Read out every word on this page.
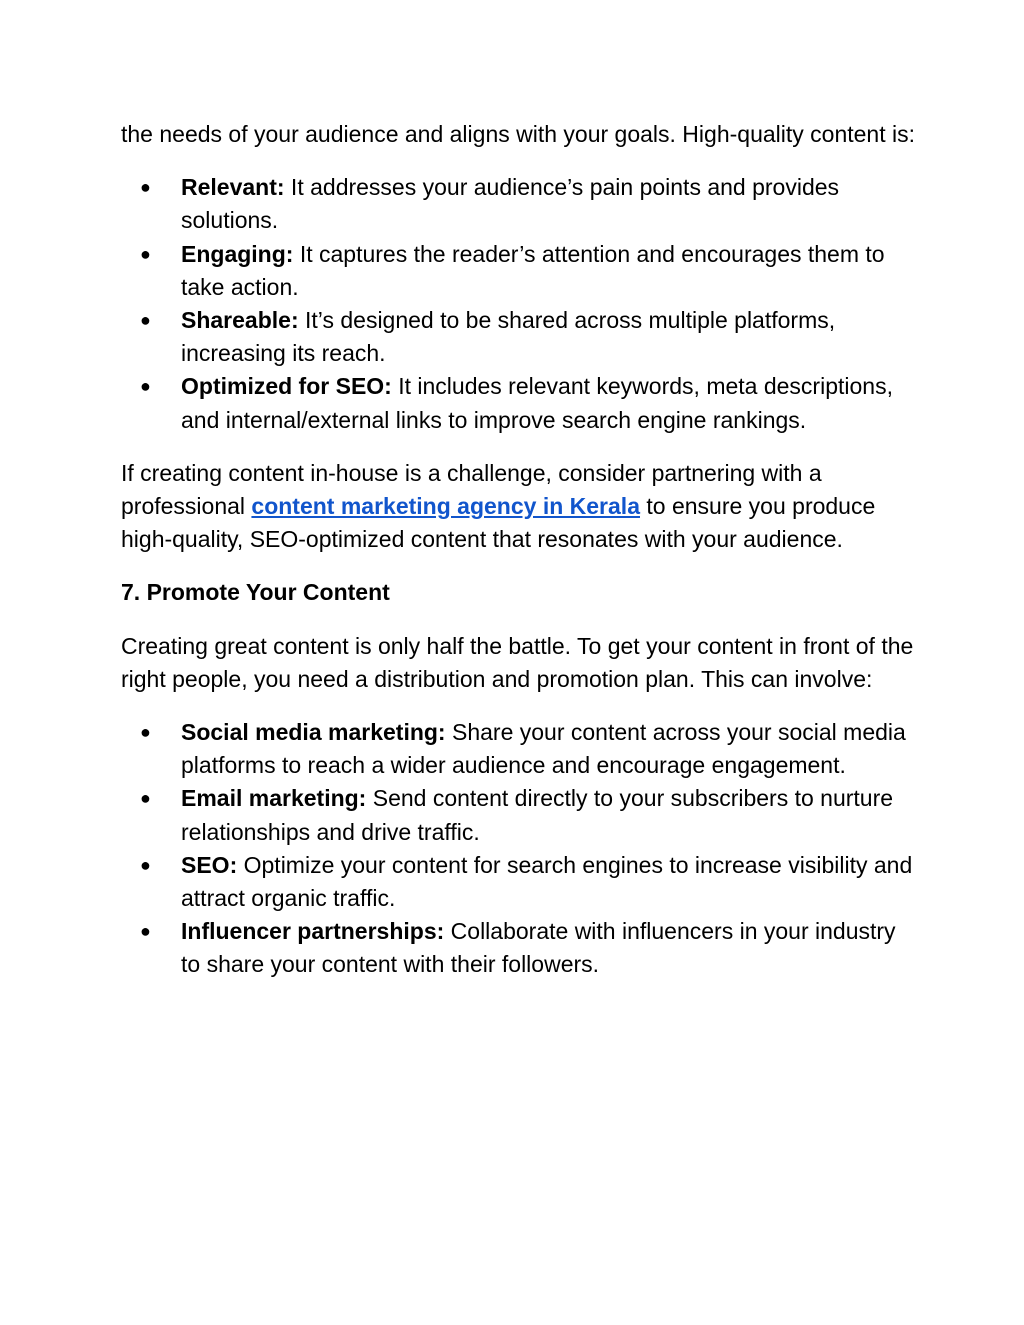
the needs of your audience and aligns with your goals. High-quality content is:

● Relevant: It addresses your audience’s pain points and provides solutions.
● Engaging: It captures the reader’s attention and encourages them to take action.
● Shareable: It’s designed to be shared across multiple platforms, increasing its reach.
● Optimized for SEO: It includes relevant keywords, meta descriptions, and internal/external links to improve search engine rankings.

If creating content in-house is a challenge, consider partnering with a professional content marketing agency in Kerala to ensure you produce high-quality, SEO-optimized content that resonates with your audience.

7. Promote Your Content

Creating great content is only half the battle. To get your content in front of the right people, you need a distribution and promotion plan. This can involve:

● Social media marketing: Share your content across your social media platforms to reach a wider audience and encourage engagement.
● Email marketing: Send content directly to your subscribers to nurture relationships and drive traffic.
● SEO: Optimize your content for search engines to increase visibility and attract organic traffic.
● Influencer partnerships: Collaborate with influencers in your industry to share your content with their followers.
